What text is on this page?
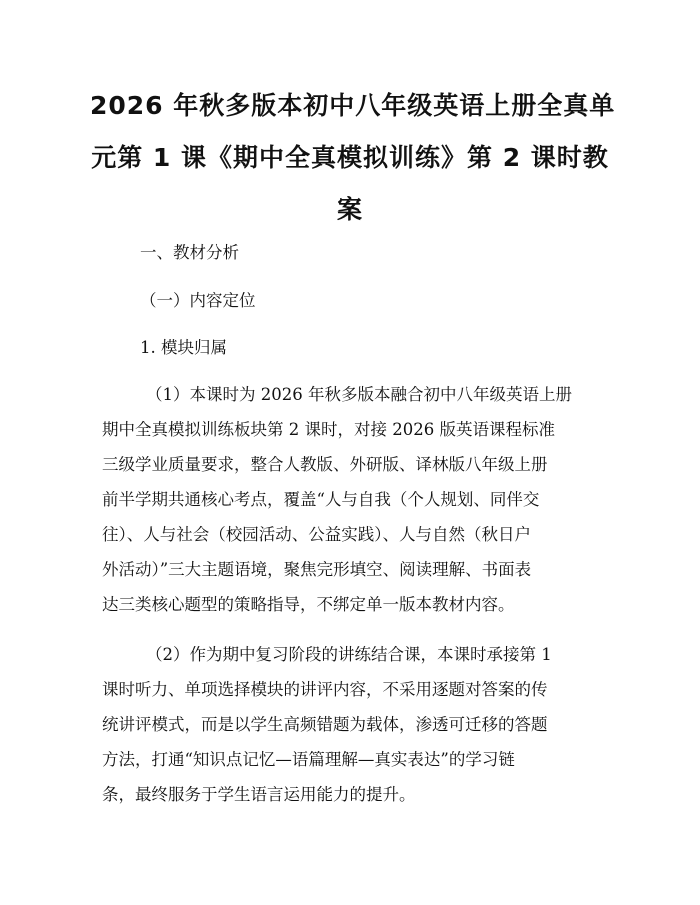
2026 年秋多版本初中八年级英语上册全真单
元第 1 课《期中全真模拟训练》第 2 课时教
案

一、教材分析

（一）内容定位

1. 模块归属

（1）本课时为 2026 年秋多版本融合初中八年级英语上册
期中全真模拟训练板块第 2 课时，对接 2026 版英语课程标准
三级学业质量要求，整合人教版、外研版、译林版八年级上册
前半学期共通核心考点，覆盖“人与自我（个人规划、同伴交
往）、人与社会（校园活动、公益实践）、人与自然（秋日户
外活动）”三大主题语境，聚焦完形填空、阅读理解、书面表
达三类核心题型的策略指导，不绑定单一版本教材内容。
（2）作为期中复习阶段的讲练结合课，本课时承接第 1
课时听力、单项选择模块的讲评内容，不采用逐题对答案的传
统讲评模式，而是以学生高频错题为载体，渗透可迁移的答题
方法，打通“知识点记忆—语篇理解—真实表达”的学习链
条，最终服务于学生语言运用能力的提升。
